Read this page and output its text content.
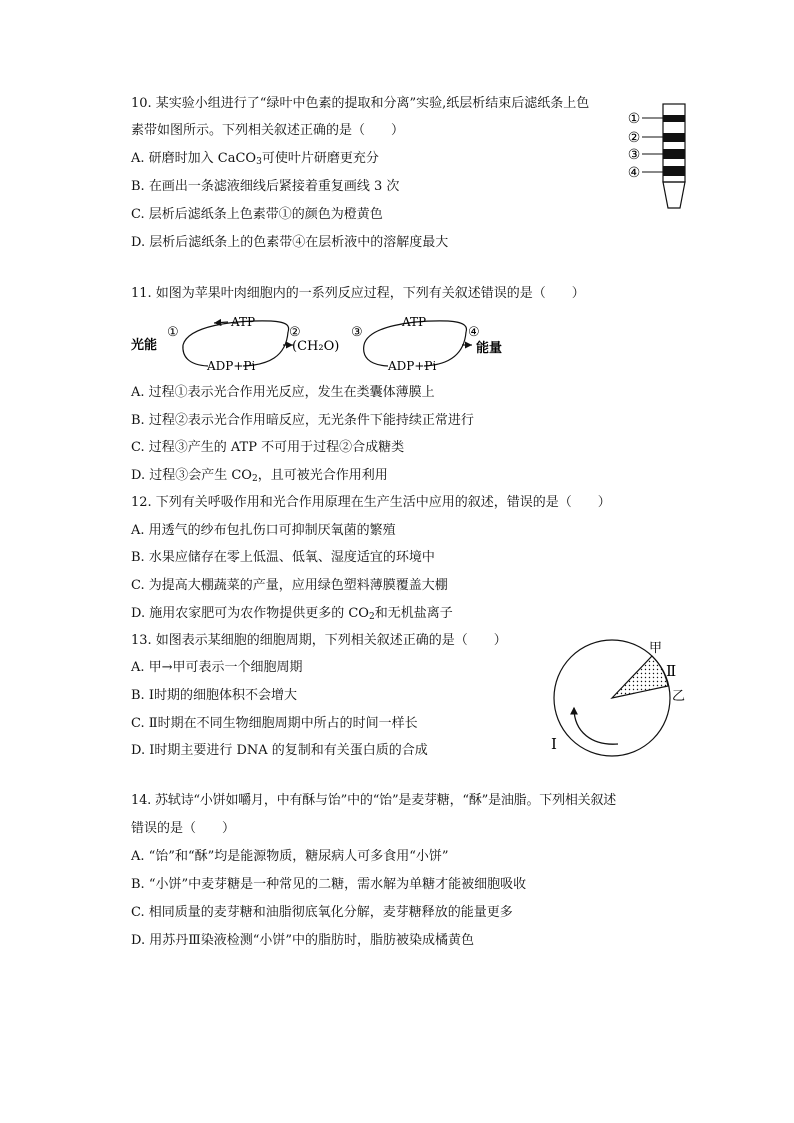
10. 某实验小组进行了“绿叶中色素的提取和分离”实验,纸层析结束后滤纸条上色
素带如图所示。下列相关叙述正确的是（　　）
A. 研磨时加入 CaCO$_3$可使叶片研磨更充分
B. 在画出一条滤液细线后紧接着重复画线 3 次
C. 层析后滤纸条上色素带①的颜色为橙黄色
D. 层析后滤纸条上的色素带④在层析液中的溶解度最大
①
②
③
④
11. 如图为苹果叶肉细胞内的一系列反应过程，下列有关叙述错误的是（　　）
光能
①
ATP
ADP+Pi
②
(CH₂O)
③
ATP
ADP+Pi
④
能量
A. 过程①表示光合作用光反应，发生在类囊体薄膜上
B. 过程②表示光合作用暗反应，无光条件下能持续正常进行
C. 过程③产生的 ATP 不可用于过程②合成糖类
D. 过程③会产生 $CO_2$，且可被光合作用利用
12. 下列有关呼吸作用和光合作用原理在生产生活中应用的叙述，错误的是（　　）
A. 用透气的纱布包扎伤口可抑制厌氧菌的繁殖
B. 水果应储存在零上低温、低氧、湿度适宜的环境中
C. 为提高大棚蔬菜的产量，应用绿色塑料薄膜覆盖大棚
D. 施用农家肥可为农作物提供更多的 $CO_2$和无机盐离子
13. 如图表示某细胞的细胞周期，下列相关叙述正确的是（　　）
A. 甲→甲可表示一个细胞周期
B. Ⅰ时期的细胞体积不会增大
C. Ⅱ时期在不同生物细胞周期中所占的时间一样长
D. Ⅰ时期主要进行 DNA 的复制和有关蛋白质的合成
甲
Ⅱ
乙
Ⅰ
14. 苏轼诗“小饼如嚼月，中有酥与饴”中的“饴”是麦芽糖，“酥”是油脂。下列相关叙述
错误的是（　　）
A. “饴”和“酥”均是能源物质，糖尿病人可多食用“小饼”
B. “小饼”中麦芽糖是一种常见的二糖，需水解为单糖才能被细胞吸收
C. 相同质量的麦芽糖和油脂彻底氧化分解，麦芽糖释放的能量更多
D. 用苏丹Ⅲ染液检测“小饼”中的脂肪时，脂肪被染成橘黄色
